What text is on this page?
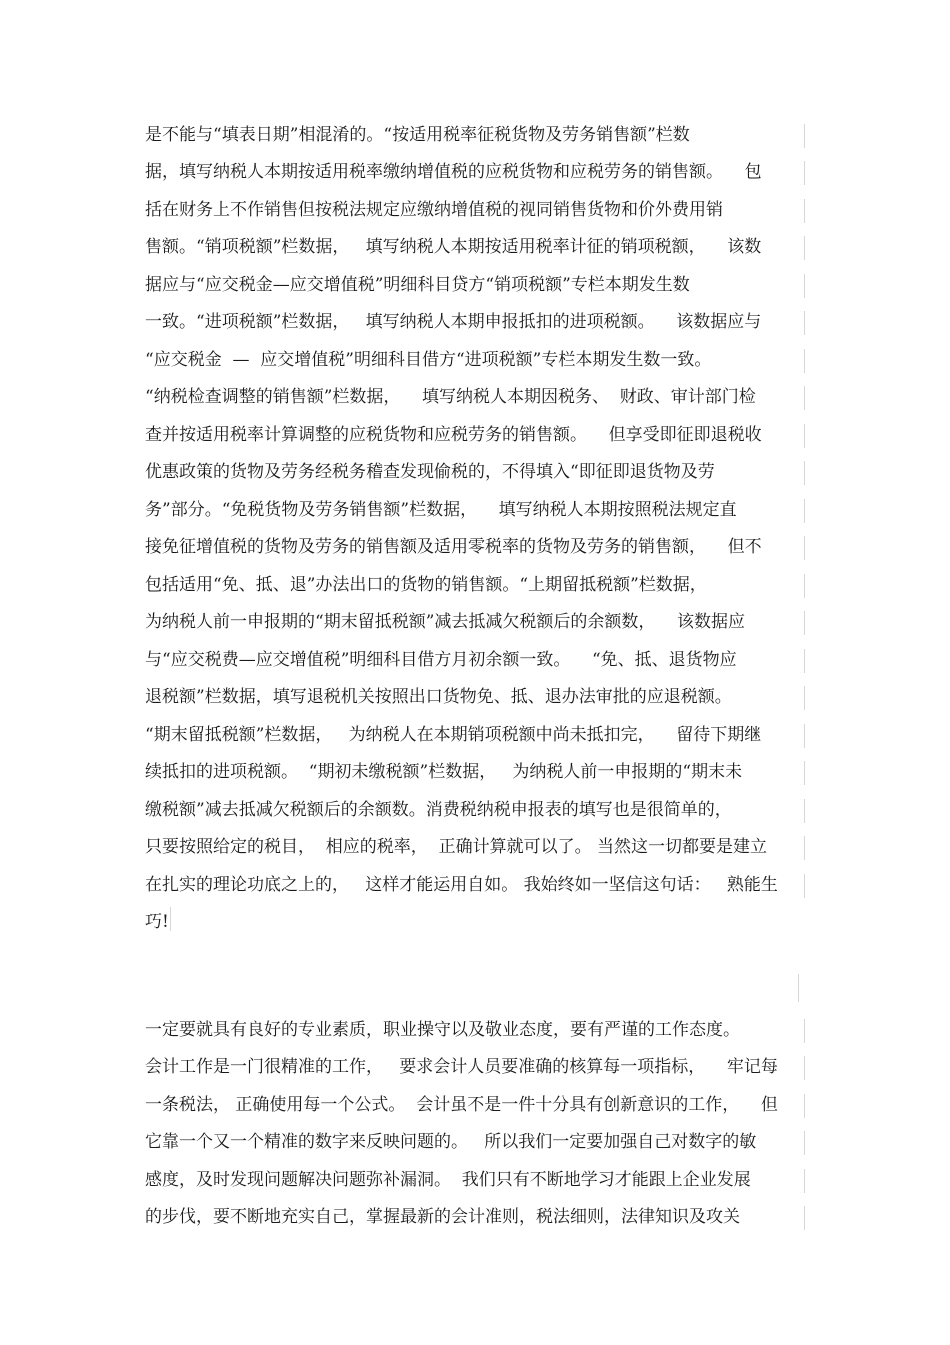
是不能与“填表日期”相混淆的。“按适用税率征税货物及劳务销售额”栏数
据，填写纳税人本期按适用税率缴纳增值税的应税货物和应税劳务的销售额。    包
括在财务上不作销售但按税法规定应缴纳增值税的视同销售货物和价外费用销
售额。“销项税额”栏数据，   填写纳税人本期按适用税率计征的销项税额，    该数
据应与“应交税金—应交增值税”明细科目贷方“销项税额”专栏本期发生数
一致。“进项税额”栏数据，   填写纳税人本期申报抵扣的进项税额。    该数据应与
“应交税金  —  应交增值税”明细科目借方“进项税额”专栏本期发生数一致。
“纳税检查调整的销售额”栏数据，    填写纳税人本期因税务、  财政、审计部门检
查并按适用税率计算调整的应税货物和应税劳务的销售额。    但享受即征即退税收
优惠政策的货物及劳务经税务稽查发现偷税的，不得填入“即征即退货物及劳
务”部分。“免税货物及劳务销售额”栏数据，    填写纳税人本期按照税法规定直
接免征增值税的货物及劳务的销售额及适用零税率的货物及劳务的销售额，    但不
包括适用“免、抵、退”办法出口的货物的销售额。“上期留抵税额”栏数据，
为纳税人前一申报期的“期末留抵税额”减去抵减欠税额后的余额数，    该数据应
与“应交税费—应交增值税”明细科目借方月初余额一致。    “免、抵、退货物应
退税额”栏数据，填写退税机关按照出口货物免、抵、退办法审批的应退税额。
“期末留抵税额”栏数据，   为纳税人在本期销项税额中尚未抵扣完，    留待下期继
续抵扣的进项税额。  “期初未缴税额”栏数据，   为纳税人前一申报期的“期末未
缴税额”减去抵减欠税额后的余额数。消费税纳税申报表的填写也是很简单的，
只要按照给定的税目，  相应的税率，  正确计算就可以了。 当然这一切都要是建立
在扎实的理论功底之上的，   这样才能运用自如。 我始终如一坚信这句话：   熟能生
巧!

一定要就具有良好的专业素质，职业操守以及敬业态度，要有严谨的工作态度。
会计工作是一门很精准的工作，   要求会计人员要准确的核算每一项指标，    牢记每
一条税法， 正确使用每一个公式。  会计虽不是一件十分具有创新意识的工作，    但
它靠一个又一个精准的数字来反映问题的。   所以我们一定要加强自己对数字的敏
感度，及时发现问题解决问题弥补漏洞。  我们只有不断地学习才能跟上企业发展
的步伐，要不断地充实自己，掌握最新的会计准则，税法细则，法律知识及攻关
